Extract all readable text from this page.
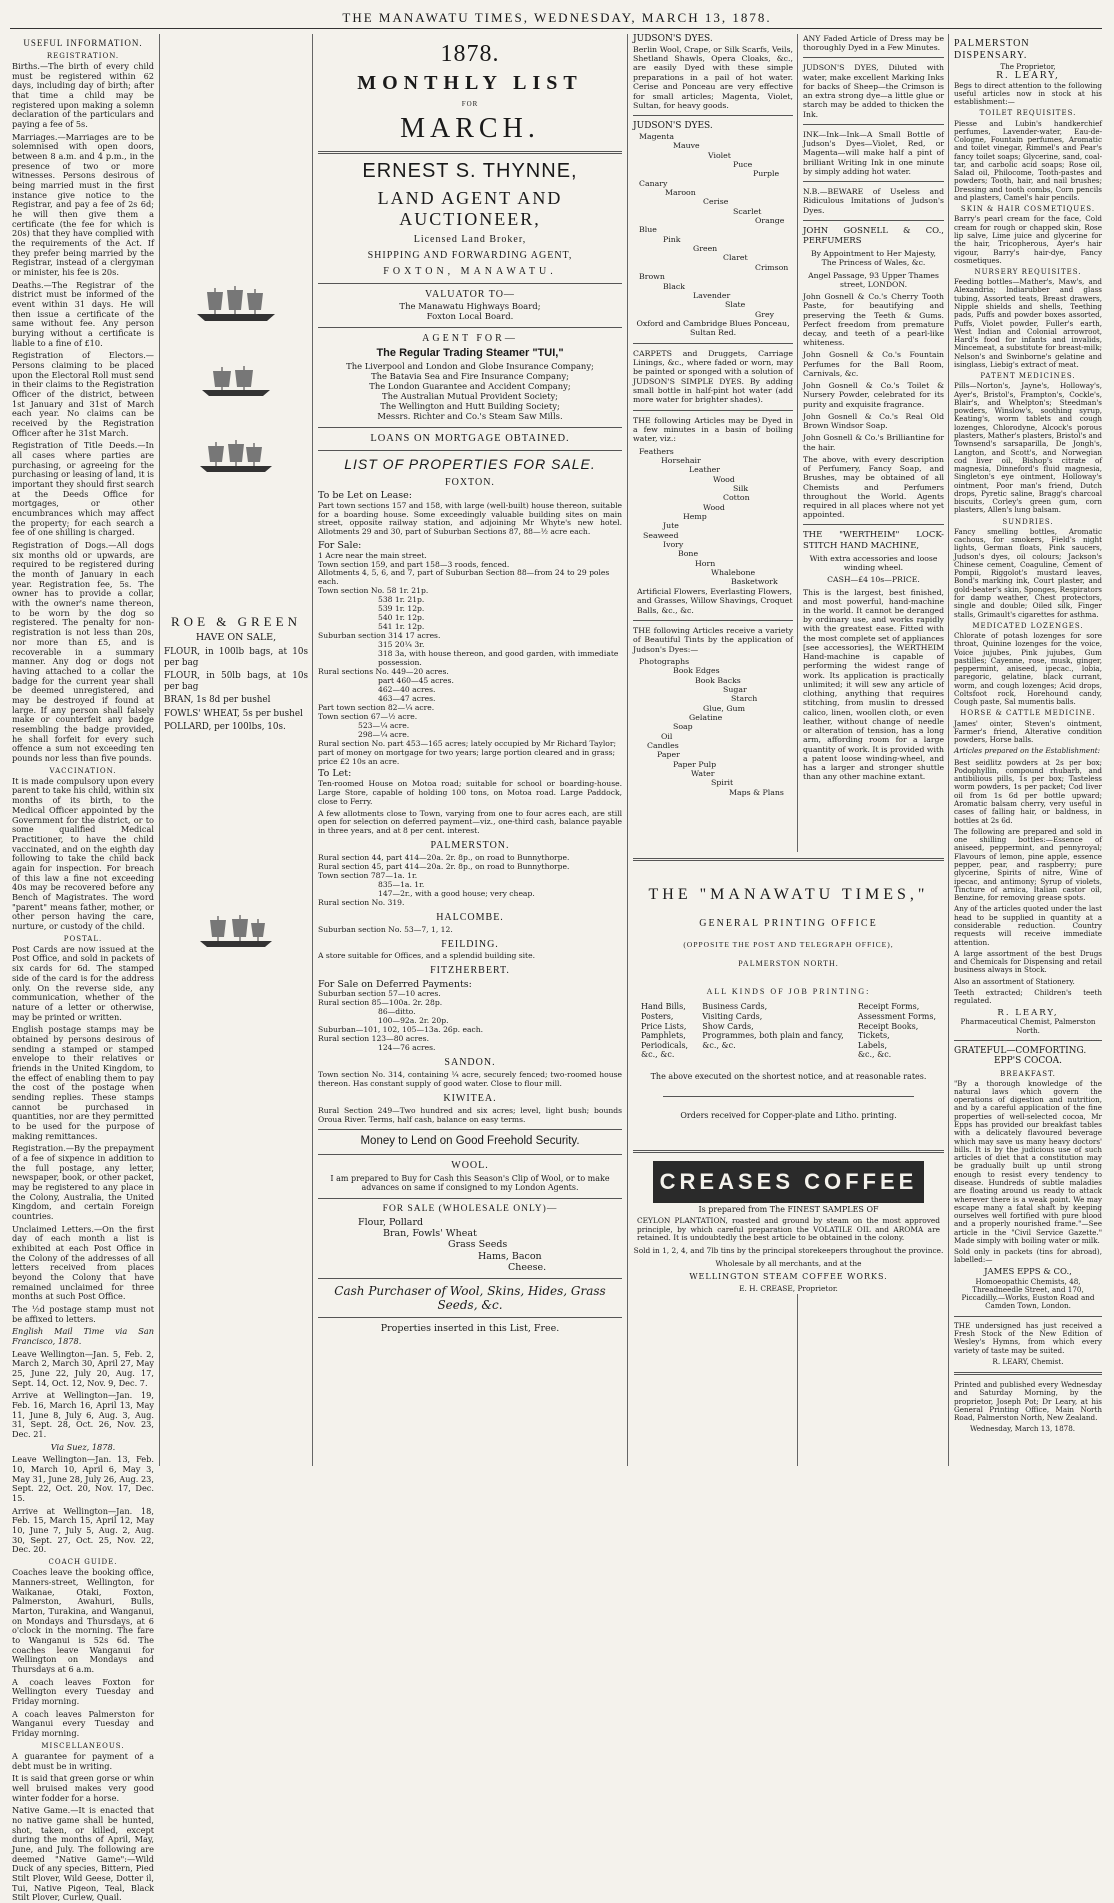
THE MANAWATU TIMES, WEDNESDAY, MARCH 13, 1878.
USEFUL INFORMATION.
REGISTRATION.

Births.—The birth of every child must be registered within 62 days, including day of birth; after that time a child may be registered upon making a solemn declaration of the particulars and paying a fee of 5s.

Marriages.—Marriages are to be solemnised with open doors, between 8 a.m. and 4 p.m., in the presence of two or more witnesses. Persons desirous of being married must in the first instance give notice to the Registrar, and pay a fee of 2s 6d; he will then give them a certificate (the fee for which is 20s) that they have complied with the requirements of the Act. If they prefer being married by the Registrar, instead of a clergyman or minister, his fee is 20s.

Deaths.—The Registrar of the district must be informed of the event within 31 days. He will then issue a certificate of the same without fee. Any person burying without a certificate is liable to a fine of £10.

Registration of Electors.—Persons claiming to be placed upon the Electoral Roll must send in their claims to the Registration Officer of the district, between 1st January and 31st of March each year. No claims can be received by the Registration Officer after he 31st March.

Registration of Title Deeds.—In all cases where parties are purchasing, or agreeing for the purchasing or leasing of land, it is important they should first search at the Deeds Office for mortgages, or other encumbrances which may affect the property; for each search a fee of one shilling is charged.

Registration of Dogs.—All dogs six months old or upwards, are required to be registered during the month of January in each year. Registration fee, 5s. The owner has to provide a collar, with the owner's name thereon, to be worn by the dog so registered. The penalty for non-registration is not less than 20s, nor more than £5, and is recoverable in a summary manner. Any dog or dogs not having attached to a collar the badge for the current year shall be deemed unregistered, and may be destroyed if found at large. If any person shall falsely make or counterfeit any badge resembling the badge provided, he shall forfeit for every such offence a sum not exceeding ten pounds nor less than five pounds.

VACCINATION.

It is made compulsory upon every parent to take his child, within six months of its birth, to the Medical Officer appointed by the Government for the district, or to some qualified Medical Practitioner, to have the child vaccinated, and on the eighth day following to take the child back again for inspection. For breach of this law a fine not exceeding 40s may be recovered before any Bench of Magistrates. The word "parent" means father, mother, or other person having the care, nurture, or custody of the child.

POSTAL.

Post Cards are now issued at the Post Office, and sold in packets of six cards for 6d. The stamped side of the card is for the address only. On the reverse side, any communication, whether of the nature of a letter or otherwise, may be printed or written.

English postage stamps may be obtained by persons desirous of sending a stamped or stamped envelope to their relatives or friends in the United Kingdom, to the effect of enabling them to pay the cost of the postage when sending replies. These stamps cannot be purchased in quantities, nor are they permitted to be used for the purpose of making remittances.

Registration.—By the prepayment of a fee of sixpence in addition to the full postage, any letter, newspaper, book, or other packet, may be registered to any place in the Colony, Australia, the United Kingdom, and certain Foreign countries.

Unclaimed Letters.—On the first day of each month a list is exhibited at each Post Office in the Colony of the addresses of all letters received from places beyond the Colony that have remained unclaimed for three months at such Post Office.

The ½d postage stamp must not be affixed to letters.

English Mail Time via San Francisco, 1878.

Leave Wellington—Jan. 5, Feb. 2, March 2, March 30, April 27, May 25, June 22, July 20, Aug. 17, Sept. 14, Oct. 12, Nov. 9, Dec. 7.

Arrive at Wellington—Jan. 19, Feb. 16, March 16, April 13, May 11, June 8, July 6, Aug. 3, Aug. 31, Sept. 28, Oct. 26, Nov. 23, Dec. 21.

Via Suez, 1878.

Leave Wellington—Jan. 13, Feb. 10, March 10, April 6, May 3, May 31, June 28, July 26, Aug. 23, Sept. 22, Oct. 20, Nov. 17, Dec. 15.

Arrive at Wellington—Jan. 18, Feb. 15, March 15, April 12, May 10, June 7, July 5, Aug. 2, Aug. 30, Sept. 27, Oct. 25, Nov. 22, Dec. 20.

COACH GUIDE.

Coaches leave the booking office, Manners-street, Wellington, for Waikanae, Otaki, Foxton, Palmerston, Awahuri, Bulls, Marton, Turakina, and Wanganui, on Mondays and Thursdays, at 6 o'clock in the morning. The fare to Wanganui is 52s 6d. The coaches leave Wanganui for Wellington on Mondays and Thursdays at 6 a.m.

A coach leaves Foxton for Wellington every Tuesday and Friday morning.

A coach leaves Palmerston for Wanganui every Tuesday and Friday morning.

MISCELLANEOUS.

A guarantee for payment of a debt must be in writing.

It is said that green gorse or whin well bruised makes very good winter fodder for a horse.

Native Game.—It is enacted that no native game shall be hunted, shot, taken, or killed, except during the months of April, May, June, and July. The following are deemed "Native Game":—Wild Duck of any species, Bittern, Pied Stilt Plover, Wild Geese, Dotter il, Tui, Native Pigeon, Teal, Black Stilt Plover, Curlew, Quail.

ROE & GREEN
HAVE ON SALE,

FLOUR, in 100lb bags, at 10s per bag

FLOUR, in 50lb bags, at 10s per bag

BRAN, 1s 8d per bushel

FOWLS' WHEAT, 5s per bushel

POLLARD, per 100lbs, 10s.

1878.
MONTHLY LIST
FOR
MARCH.
ERNEST S. THYNNE,
LAND AGENT AND AUCTIONEER,
Licensed Land Broker,
SHIPPING AND FORWARDING AGENT,
FOXTON, MANAWATU.
VALUATOR TO—
The Manawatu Highways Board;
Foxton Local Board.
AGENT FOR—
The Regular Trading Steamer "TUI,"
The Liverpool and London and Globe Insurance Company;
The Batavia Sea and Fire Insurance Company;
The London Guarantee and Accident Company;
The Australian Mutual Provident Society;
The Wellington and Hutt Building Society;
Messrs. Richter and Co.'s Steam Saw Mills.
LOANS ON MORTGAGE OBTAINED.
LIST OF PROPERTIES FOR SALE.
FOXTON.
To be Let on Lease:

Part town sections 157 and 158, with large (well-built) house thereon, suitable for a boarding house. Some exceedingly valuable building sites on main street, opposite railway station, and adjoining Mr Whyte's new hotel. Allotments 29 and 30, part of Suburban Sections 87, 88—½ acre each.

For Sale:
1 Acre near the main street.
Town section 159, and part 158—3 roods, fenced.
Allotments 4, 5, 6, and 7, part of Suburban Section 88—from 24 to 29 poles each.
Town section No. 58 1r. 21p.
538 1r. 21p.
539 1r. 12p.
540 1r. 12p.
541 1r. 12p.
Suburban section 314 17 acres.
315 20¼ 3r.
318 3a, with house thereon, and good garden, with immediate possession.
Rural sections No. 449—20 acres.
part 460—45 acres.
462—40 acres.
463—47 acres.
Part town section 82—¼ acre.
Town section 67—½ acre.
523—¼ acre.
298—¼ acre.
Rural section No. part 453—165 acres; lately occupied by Mr Richard Taylor; part of money on mortgage for two years; large portion cleared and in grass; price £2 10s an acre.
To Let:

Ten-roomed House on Motoa road; suitable for school or boarding-house. Large Store, capable of holding 100 tons, on Motoa road. Large Paddock, close to Ferry.

A few allotments close to Town, varying from one to four acres each, are still open for selection on deferred payment—viz., one-third cash, balance payable in three years, and at 8 per cent. interest.

PALMERSTON.
Rural section 44, part 414—20a. 2r. 8p., on road to Bunnythorpe.
Rural section 45, part 414—20a. 2r. 8p., on road to Bunnythorpe.
Town section 787—1a. 1r.
835—1a. 1r.
147—2r., with a good house; very cheap.
Rural section No. 319.
HALCOMBE.

Suburban section No. 53—7, 1, 12.

FEILDING.

A store suitable for Offices, and a splendid building site.

FITZHERBERT.
For Sale on Deferred Payments:
Suburban section 57—10 acres.
Rural section 85—100a. 2r. 28p.
86—ditto.
100—92a. 2r. 20p.
Suburban—101, 102, 105—13a. 26p. each.
Rural section 123—80 acres.
124—76 acres.
SANDON.

Town section No. 314, containing ¼ acre, securely fenced; two-roomed house thereon. Has constant supply of good water. Close to flour mill.

KIWITEA.

Rural Section 249—Two hundred and six acres; level, light bush; bounds Oroua River. Terms, half cash, balance on easy terms.

Money to Lend on Good Freehold Security.
WOOL.

I am prepared to Buy for Cash this Season's Clip of Wool, or to make advances on same if consigned to my London Agents.

FOR SALE (WHOLESALE ONLY)—
Flour, Pollard
Bran, Fowls' Wheat
Grass Seeds
Hams, Bacon
Cheese.
Cash Purchaser of Wool, Skins, Hides, Grass Seeds, &c.
Properties inserted in this List, Free.
JUDSON'S DYES.

Berlin Wool, Crape, or Silk Scarfs, Veils, Shetland Shawls, Opera Cloaks, &c., are easily Dyed with these simple preparations in a pail of hot water. Cerise and Ponceau are very effective for small articles; Magenta, Violet, Sultan, for heavy goods.

JUDSON'S DYES.
Magenta
Mauve
Violet
Puce
Purple
Canary
Maroon
Cerise
Scarlet
Orange
Blue
Pink
Green
Claret
Crimson
Brown
Black
Lavender
Slate
Grey

Oxford and Cambridge Blues Ponceau, Sultan Red.

CARPETS and Druggets, Carriage Linings, &c., where faded or worn, may be painted or sponged with a solution of JUDSON'S SIMPLE DYES. By adding small bottle in half-pint hot water (add more water for brighter shades).

THE following Articles may be Dyed in a few minutes in a basin of boiling water, viz.:

Feathers
Horsehair
Leather
Wood
Silk
Cotton
Wood
Hemp
Jute
Seaweed
Ivory
Bone
Horn
Whalebone
Basketwork
Artificial Flowers, Everlasting Flowers, and Grasses, Willow Shavings, Croquet Balls, &c., &c.

THE following Articles receive a variety of Beautiful Tints by the application of Judson's Dyes:—

Photographs
Book Edges
Book Backs
Sugar
Starch
Glue, Gum
Gelatine
Soap
Oil
Candles
Paper
Paper Pulp
Water
Spirit
Maps & Plans

ANY Faded Article of Dress may be thoroughly Dyed in a Few Minutes.

JUDSON'S DYES, Diluted with water, make excellent Marking Inks for backs of Sheep—the Crimson is an extra strong dye—a little glue or starch may be added to thicken the Ink.

INK—Ink—Ink—A Small Bottle of Judson's Dyes—Violet, Red, or Magenta—will make half a pint of brilliant Writing Ink in one minute by simply adding hot water.

N.B.—BEWARE of Useless and Ridiculous Imitations of Judson's Dyes.

JOHN GOSNELL & CO., PERFUMERS

By Appointment to Her Majesty, The Princess of Wales, &c.

Angel Passage, 93 Upper Thames street, LONDON.

John Gosnell & Co.'s Cherry Tooth Paste, for beautifying and preserving the Teeth & Gums. Perfect freedom from premature decay, and teeth of a pearl-like whiteness.

John Gosnell & Co.'s Fountain Perfumes for the Ball Room, Carnivals, &c.

John Gosnell & Co.'s Toilet & Nursery Powder, celebrated for its purity and exquisite fragrance.

John Gosnell & Co.'s Real Old Brown Windsor Soap.

John Gosnell & Co.'s Brilliantine for the hair.

The above, with every description of Perfumery, Fancy Soap, and Brushes, may be obtained of all Chemists and Perfumers throughout the World. Agents required in all places where not yet appointed.

THE "WERTHEIM" LOCK-STITCH HAND MACHINE,

With extra accessories and loose winding wheel.

CASH—£4 10s—PRICE.

This is the largest, best finished, and most powerful, hand-machine in the world. It cannot be deranged by ordinary use, and works rapidly with the greatest ease. Fitted with the most complete set of appliances [see accessories], the WERTHEIM Hand-machine is capable of performing the widest range of work. Its application is practically unlimited; it will sew any article of clothing, anything that requires stitching, from muslin to dressed calico, linen, woollen cloth, or even leather, without change of needle or alteration of tension, has a long arm, affording room for a large quantity of work. It is provided with a patent loose winding-wheel, and has a larger and stronger shuttle than any other machine extant.

THE "MANAWATU TIMES,"
GENERAL PRINTING OFFICE
(OPPOSITE THE POST AND TELEGRAPH OFFICE),
PALMERSTON NORTH.
ALL KINDS OF JOB PRINTING:
Hand Bills,
Posters,
Price Lists,
Pamphlets,
Periodicals,
&c., &c.
Business Cards,
Visiting Cards,
Show Cards,
Programmes, both plain and fancy,
&c., &c.
Receipt Forms,
Assessment Forms,
Receipt Books,
Tickets,
Labels,
&c., &c.
The above executed on the shortest notice, and at reasonable rates.
Orders received for Copper-plate and Litho. printing.
CREASES COFFEE
Is prepared from The FINEST SAMPLES OF

CEYLON PLANTATION, roasted and ground by steam on the most approved principle, by which careful preparation the VOLATILE OIL and AROMA are retained. It is undoubtedly the best article to be obtained in the colony.

Sold in 1, 2, 4, and 7lb tins by the principal storekeepers throughout the province.
Wholesale by all merchants, and at the
WELLINGTON STEAM COFFEE WORKS.
E. H. CREASE, Proprietor.
PALMERSTON DISPENSARY.
The Proprietor,
R. LEARY,

Begs to direct attention to the following useful articles now in stock at his establishment:—

TOILET REQUISITES.

Piesse and Lubin's handkerchief perfumes, Lavender-water, Eau-de-Cologne, Fountain perfumes, Aromatic and toilet vinegar, Rimmel's and Pear's fancy toilet soaps; Glycerine, sand, coal-tar, and carbolic acid soaps; Rose oil, Salad oil, Philocome, Tooth-pastes and powders; Tooth, hair, and nail brushes; Dressing and tooth combs, Corn pencils and plasters, Camel's hair pencils.

SKIN & HAIR COSMETIQUES.

Barry's pearl cream for the face, Cold cream for rough or chapped skin, Rose lip salve, Lime juice and glycerine for the hair, Tricopherous, Ayer's hair vigour, Barry's hair-dye, Fancy cosmetiques.

NURSERY REQUISITES.

Feeding bottles—Mather's, Maw's, and Alexandria; Indiarubber and glass tubing, Assorted teats, Breast drawers, Nipple shields and shells, Teething pads, Puffs and powder boxes assorted, Puffs, Violet powder, Fuller's earth, West Indian and Colonial arrowroot, Hard's food for infants and invalids, Mincemeat, a substitute for breast-milk; Nelson's and Swinborne's gelatine and isinglass, Liebig's extract of meat.

PATENT MEDICINES.

Pills—Norton's, Jayne's, Holloway's, Ayer's, Bristol's, Frampton's, Cockle's, Blair's, and Whelpton's; Steedman's powders, Winslow's, soothing syrup, Keating's, worm tablets and cough lozenges, Chlorodyne, Alcock's porous plasters, Mather's plasters, Bristol's and Townsend's sarsaparilla, De Jongh's, Langton, and Scott's, and Norwegian cod liver oil, Bishop's citrate of magnesia, Dinneford's fluid magnesia, Singleton's eye ointment, Holloway's ointment, Poor man's friend, Dutch drops, Pyretic saline, Bragg's charcoal biscuits, Corley's green gum, corn plasters, Allen's lung balsam.

SUNDRIES.

Fancy smelling bottles, Aromatic cachous, for smokers, Field's night lights, German floats, Pink saucers, Judson's dyes, oil colours; Jackson's Chinese cement, Coaguline, Cement of Pompii, Riggolot's mustard leaves, Bond's marking ink, Court plaster, and gold-beater's skin, Sponges, Respirators for damp weather, Chest protectors, single and double; Oiled silk, Finger stalls, Grimault's cigarettes for asthma.

MEDICATED LOZENGES.

Chlorate of potash lozenges for sore throat, Quinine lozenges for the voice, Voice jujubes, Pink jujubes, Gum pastilles; Cayenne, rose, musk, ginger, peppermint, aniseed, ipecac., lobia, paregoric, gelatine, black currant, worm, and cough lozenges; Acid drops, Coltsfoot rock, Horehound candy, Cough paste, Sal mumentis balls.

HORSE & CATTLE MEDICINE.

James' ointer, Steven's ointment, Farmer's friend, Alterative condition powders, Horse balls.

Articles prepared on the Establishment:

Best seidlitz powders at 2s per box; Podophyllin, compound rhubarb, and antibilious pills, 1s per box; Tasteless worm powders, 1s per packet; Cod liver oil from 1s 6d per bottle upward; Aromatic balsam cherry, very useful in cases of falling hair, or baldness, in bottles at 2s 6d.

The following are prepared and sold in one shilling bottles:—Essence of aniseed, peppermint, and pennyroyal; Flavours of lemon, pine apple, essence pepper, pear, and raspberry; pure glycerine, Spirits of nitre, Wine of ipecac, and antimony; Syrup of violets, Tincture of arnica, Italian castor oil, Benzine, for removing grease spots.

Any of the articles quoted under the last head to be supplied in quantity at a considerable reduction. Country requests will receive immediate attention.

A large assortment of the best Drugs and Chemicals for Dispensing and retail business always in Stock.

Also an assortment of Stationery.

Teeth extracted; Children's teeth regulated.

R. LEARY,
Pharmaceutical Chemist, Palmerston North.
GRATEFUL—COMFORTING.
EPP'S COCOA.
BREAKFAST.

"By a thorough knowledge of the natural laws which govern the operations of digestion and nutrition, and by a careful application of the fine properties of well-selected cocoa, Mr Epps has provided our breakfast tables with a delicately flavoured beverage which may save us many heavy doctors' bills. It is by the judicious use of such articles of diet that a constitution may be gradually built up until strong enough to resist every tendency to disease. Hundreds of subtle maladies are floating around us ready to attack wherever there is a weak point. We may escape many a fatal shaft by keeping ourselves well fortified with pure blood and a properly nourished frame."—See article in the "Civil Service Gazette." Made simply with boiling water or milk.

Sold only in packets (tins for abroad), labelled:—

JAMES EPPS & CO.,

Homoeopathic Chemists, 48, Threadneedle Street, and 170, Piccadilly.—Works, Euston Road and Camden Town, London.

THE undersigned has just received a Fresh Stock of the New Edition of Wesley's Hymns, from which every variety of taste may be suited.

R. LEARY, Chemist.

Printed and published every Wednesday and Saturday Morning, by the proprietor, Joseph Pot; Dr Leary, at his General Printing Office, Main North Road, Palmerston North, New Zealand.

Wednesday, March 13, 1878.
